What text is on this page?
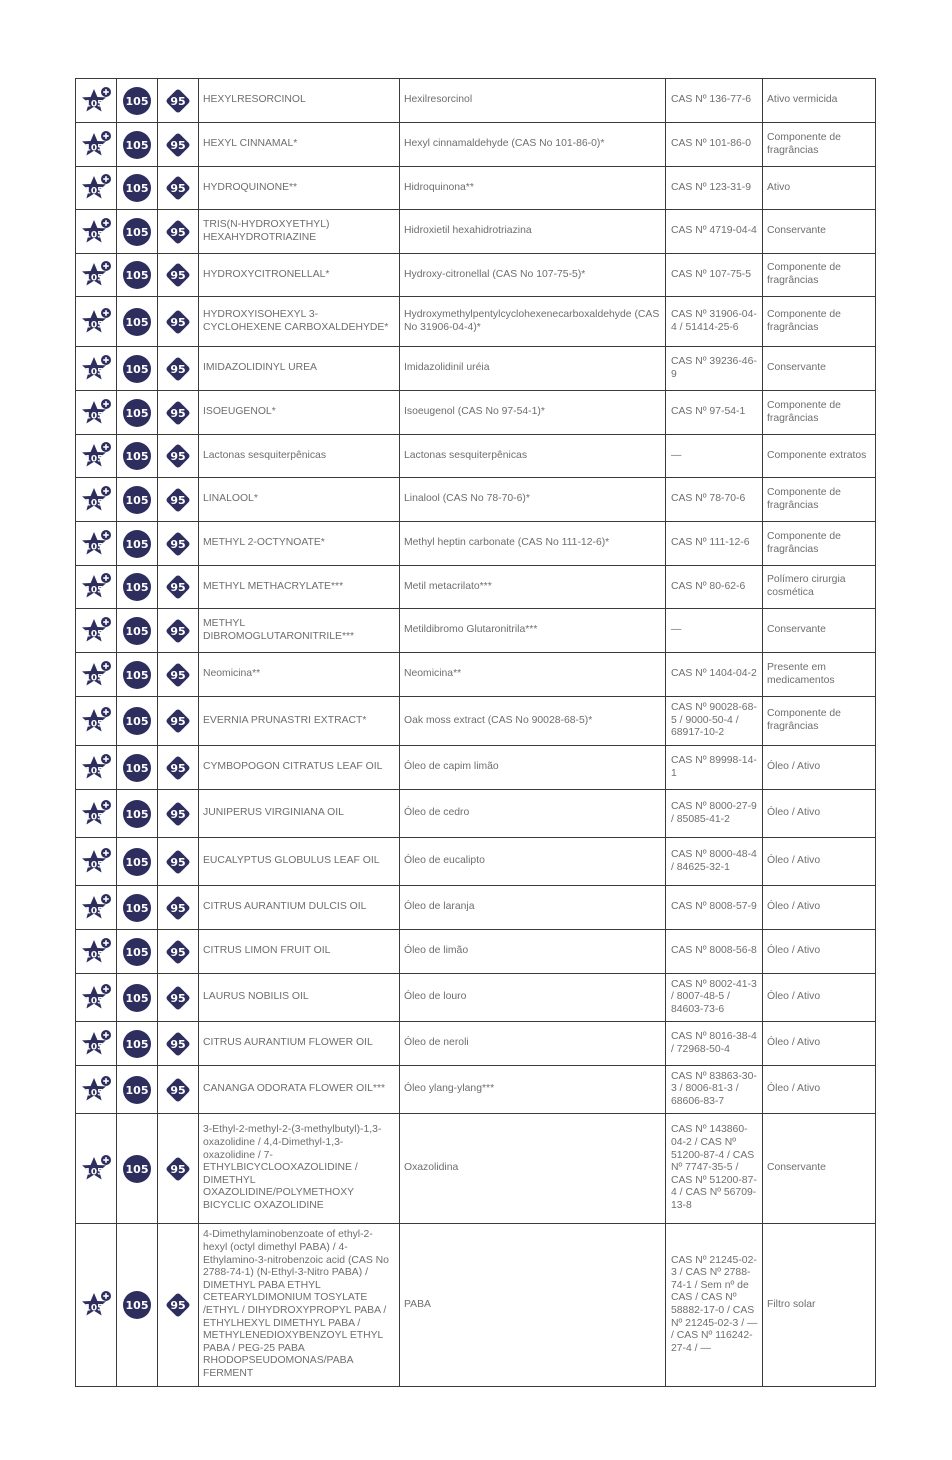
105	105	95	HEXYLRESORCINOL	Hexilresorcinol	CAS Nº 136-77-6	Ativo vermicida

105	105	95	HEXYL CINNAMAL*	Hexyl cinnamaldehyde (CAS No 101-86-0)*	CAS Nº 101-86-0	Componente de fragrâncias

105	105	95	HYDROQUINONE**	Hidroquinona**	CAS Nº 123-31-9	Ativo

105	105	95	TRIS(N-HYDROXYETHYL) HEXAHYDROTRIAZINE	Hidroxietil hexahidrotriazina	CAS Nº 4719-04-4	Conservante

105	105	95	HYDROXYCITRONELLAL*	Hydroxy-citronellal (CAS No 107-75-5)*	CAS Nº 107-75-5	Componente de fragrâncias

105	105	95	HYDROXYISOHEXYL 3-CYCLOHEXENE CARBOXALDEHYDE*	Hydroxymethylpentylcyclohexenecarboxaldehyde (CAS No 31906-04-4)*	CAS Nº 31906-04-4 / 51414-25-6	Componente de fragrâncias

105	105	95	IMIDAZOLIDINYL UREA	Imidazolidinil uréia	CAS Nº 39236-46-9	Conservante

105	105	95	ISOEUGENOL*	Isoeugenol (CAS No 97-54-1)*	CAS Nº 97-54-1	Componente de fragrâncias

105	105	95	Lactonas sesquiterpênicas	Lactonas sesquiterpênicas	—	Componente extratos

105	105	95	LINALOOL*	Linalool (CAS No 78-70-6)*	CAS Nº 78-70-6	Componente de fragrâncias

105	105	95	METHYL 2-OCTYNOATE*	Methyl heptin carbonate (CAS No 111-12-6)*	CAS Nº 111-12-6	Componente de fragrâncias

105	105	95	METHYL METHACRYLATE***	Metil metacrilato***	CAS Nº 80-62-6	Polímero cirurgia cosmética

105	105	95	METHYL DIBROMOGLUTARONITRILE***	Metildibromo Glutaronitrila***	—	Conservante

105	105	95	Neomicina**	Neomicina**	CAS Nº 1404-04-2	Presente em medicamentos

105	105	95	EVERNIA PRUNASTRI EXTRACT*	Oak moss extract (CAS No 90028-68-5)*	CAS Nº 90028-68-5 / 9000-50-4 / 68917-10-2	Componente de fragrâncias

105	105	95	CYMBOPOGON CITRATUS LEAF OIL	Óleo de capim limão	CAS Nº 89998-14-1	Óleo / Ativo

105	105	95	JUNIPERUS VIRGINIANA OIL	Óleo de cedro	CAS Nº 8000-27-9 / 85085-41-2	Óleo / Ativo

105	105	95	EUCALYPTUS GLOBULUS LEAF OIL	Óleo de eucalipto	CAS Nº 8000-48-4 / 84625-32-1	Óleo / Ativo

105	105	95	CITRUS AURANTIUM DULCIS OIL	Óleo de laranja	CAS Nº 8008-57-9	Óleo / Ativo

105	105	95	CITRUS LIMON FRUIT OIL	Óleo de limão	CAS Nº 8008-56-8	Óleo / Ativo

105	105	95	LAURUS NOBILIS OIL	Óleo de louro	CAS Nº 8002-41-3 / 8007-48-5 / 84603-73-6	Óleo / Ativo

105	105	95	CITRUS AURANTIUM FLOWER OIL	Óleo de neroli	CAS Nº 8016-38-4 / 72968-50-4	Óleo / Ativo

105	105	95	CANANGA ODORATA FLOWER OIL***	Óleo ylang-ylang***	CAS Nº 83863-30-3 / 8006-81-3 / 68606-83-7	Óleo / Ativo

105	105	95	3-Ethyl-2-methyl-2-(3-methylbutyl)-1,3-oxazolidine / 4,4-Dimethyl-1,3-oxazolidine / 7-ETHYLBICYCLOOXAZOLIDINE / DIMETHYL OXAZOLIDINE/POLYMETHOXY BICYCLIC OXAZOLIDINE	Oxazolidina	CAS Nº 143860-04-2 / CAS Nº 51200-87-4 / CAS Nº 7747-35-5 / CAS Nº 51200-87-4 / CAS Nº 56709-13-8	Conservante

105	105	95	4-Dimethylaminobenzoate of ethyl-2-hexyl (octyl dimethyl PABA) / 4-Ethylamino-3-nitrobenzoic acid (CAS No 2788-74-1) (N-Ethyl-3-Nitro PABA) / DIMETHYL PABA ETHYL CETEARYLDIMONIUM TOSYLATE /ETHYL / DIHYDROXYPROPYL PABA / ETHYLHEXYL DIMETHYL PABA / METHYLENEDIOXYBENZOYL ETHYL PABA / PEG-25 PABA RHODOPSEUDOMONAS/PABA FERMENT	PABA	CAS Nº 21245-02-3 / CAS Nº 2788-74-1 / Sem nº de CAS / CAS Nº 58882-17-0 / CAS Nº 21245-02-3 / — / CAS Nº 116242-27-4 / —	Filtro solar
